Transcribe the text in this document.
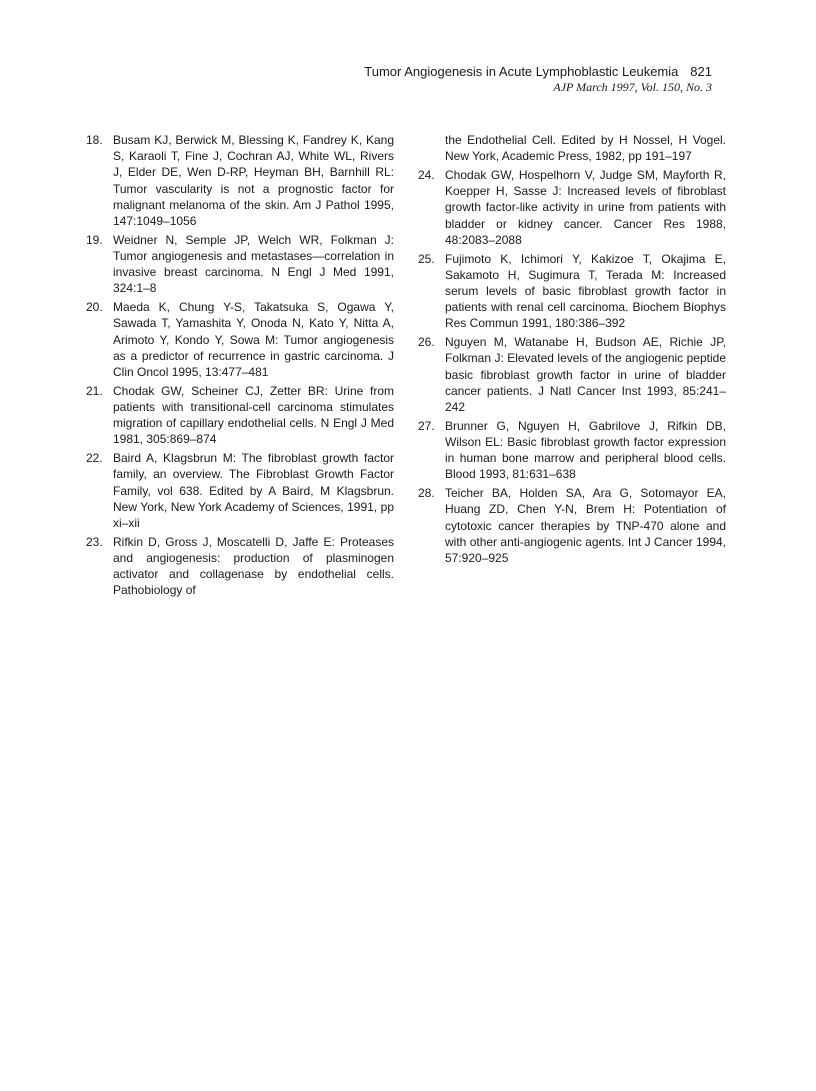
Tumor Angiogenesis in Acute Lymphoblastic Leukemia 821
AJP March 1997, Vol. 150, No. 3
18. Busam KJ, Berwick M, Blessing K, Fandrey K, Kang S, Karaoli T, Fine J, Cochran AJ, White WL, Rivers J, Elder DE, Wen D-RP, Heyman BH, Barnhill RL: Tumor vascularity is not a prognostic factor for malignant melanoma of the skin. Am J Pathol 1995, 147:1049–1056
19. Weidner N, Semple JP, Welch WR, Folkman J: Tumor angiogenesis and metastases—correlation in invasive breast carcinoma. N Engl J Med 1991, 324:1–8
20. Maeda K, Chung Y-S, Takatsuka S, Ogawa Y, Sawada T, Yamashita Y, Onoda N, Kato Y, Nitta A, Arimoto Y, Kondo Y, Sowa M: Tumor angiogenesis as a predictor of recurrence in gastric carcinoma. J Clin Oncol 1995, 13:477–481
21. Chodak GW, Scheiner CJ, Zetter BR: Urine from patients with transitional-cell carcinoma stimulates migration of capillary endothelial cells. N Engl J Med 1981, 305:869–874
22. Baird A, Klagsbrun M: The fibroblast growth factor family, an overview. The Fibroblast Growth Factor Family, vol 638. Edited by A Baird, M Klagsbrun. New York, New York Academy of Sciences, 1991, pp xi–xii
23. Rifkin D, Gross J, Moscatelli D, Jaffe E: Proteases and angiogenesis: production of plasminogen activator and collagenase by endothelial cells. Pathobiology of
the Endothelial Cell. Edited by H Nossel, H Vogel. New York, Academic Press, 1982, pp 191–197
24. Chodak GW, Hospelhorn V, Judge SM, Mayforth R, Koepper H, Sasse J: Increased levels of fibroblast growth factor-like activity in urine from patients with bladder or kidney cancer. Cancer Res 1988, 48:2083–2088
25. Fujimoto K, Ichimori Y, Kakizoe T, Okajima E, Sakamoto H, Sugimura T, Terada M: Increased serum levels of basic fibroblast growth factor in patients with renal cell carcinoma. Biochem Biophys Res Commun 1991, 180:386–392
26. Nguyen M, Watanabe H, Budson AE, Richie JP, Folkman J: Elevated levels of the angiogenic peptide basic fibroblast growth factor in urine of bladder cancer patients. J Natl Cancer Inst 1993, 85:241–242
27. Brunner G, Nguyen H, Gabrilove J, Rifkin DB, Wilson EL: Basic fibroblast growth factor expression in human bone marrow and peripheral blood cells. Blood 1993, 81:631–638
28. Teicher BA, Holden SA, Ara G, Sotomayor EA, Huang ZD, Chen Y-N, Brem H: Potentiation of cytotoxic cancer therapies by TNP-470 alone and with other anti-angiogenic agents. Int J Cancer 1994, 57:920–925
